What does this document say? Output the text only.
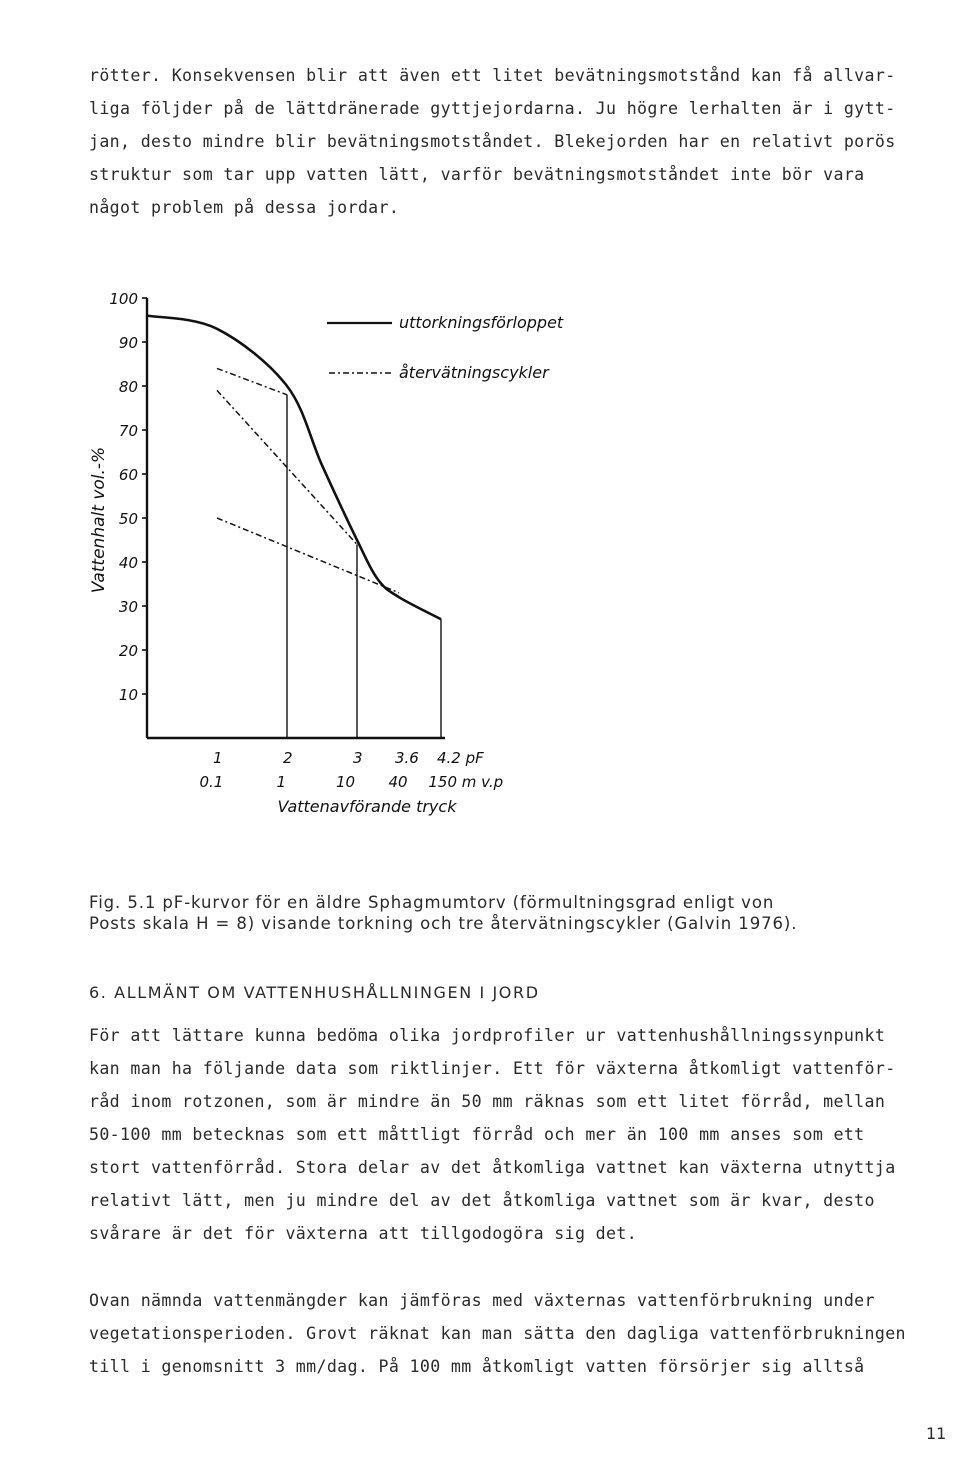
rötter. Konsekvensen blir att även ett litet bevätningsmotstånd kan få allvar-
liga följder på de lättdränerade gyttjejordarna. Ju högre lerhalten är i gytt-
jan, desto mindre blir bevätningsmotståndet. Blekejorden har en relativt porös
struktur som tar upp vatten lätt, varför bevätningsmotståndet inte bör vara
något problem på dessa jordar.
100
90
80
70
60
50
40
30
20
10
1	2	3 3.6 4.2 pF
0.1	1	10 40 150 m v.p
Vattenhalt vol.-%
Vattenavförande tryck
uttorkningsförloppet
återvätningscykler
Fig. 5.1 pF-kurvor för en äldre Sphagmumtorv (förmultningsgrad enligt von
Posts skala H = 8) visande torkning och tre återvätningscykler (Galvin 1976).
6. ALLMÄNT OM VATTENHUSHÅLLNINGEN I JORD
För att lättare kunna bedöma olika jordprofiler ur vattenhushållningssynpunkt
kan man ha följande data som riktlinjer. Ett för växterna åtkomligt vattenför-
råd inom rotzonen, som är mindre än 50 mm räknas som ett litet förråd, mellan
50-100 mm betecknas som ett måttligt förråd och mer än 100 mm anses som ett
stort vattenförråd. Stora delar av det åtkomliga vattnet kan växterna utnyttja
relativt lätt, men ju mindre del av det åtkomliga vattnet som är kvar, desto
svårare är det för växterna att tillgodogöra sig det.
Ovan nämnda vattenmängder kan jämföras med växternas vattenförbrukning under
vegetationsperioden. Grovt räknat kan man sätta den dagliga vattenförbrukningen
till i genomsnitt 3 mm/dag. På 100 mm åtkomligt vatten försörjer sig alltså
11
